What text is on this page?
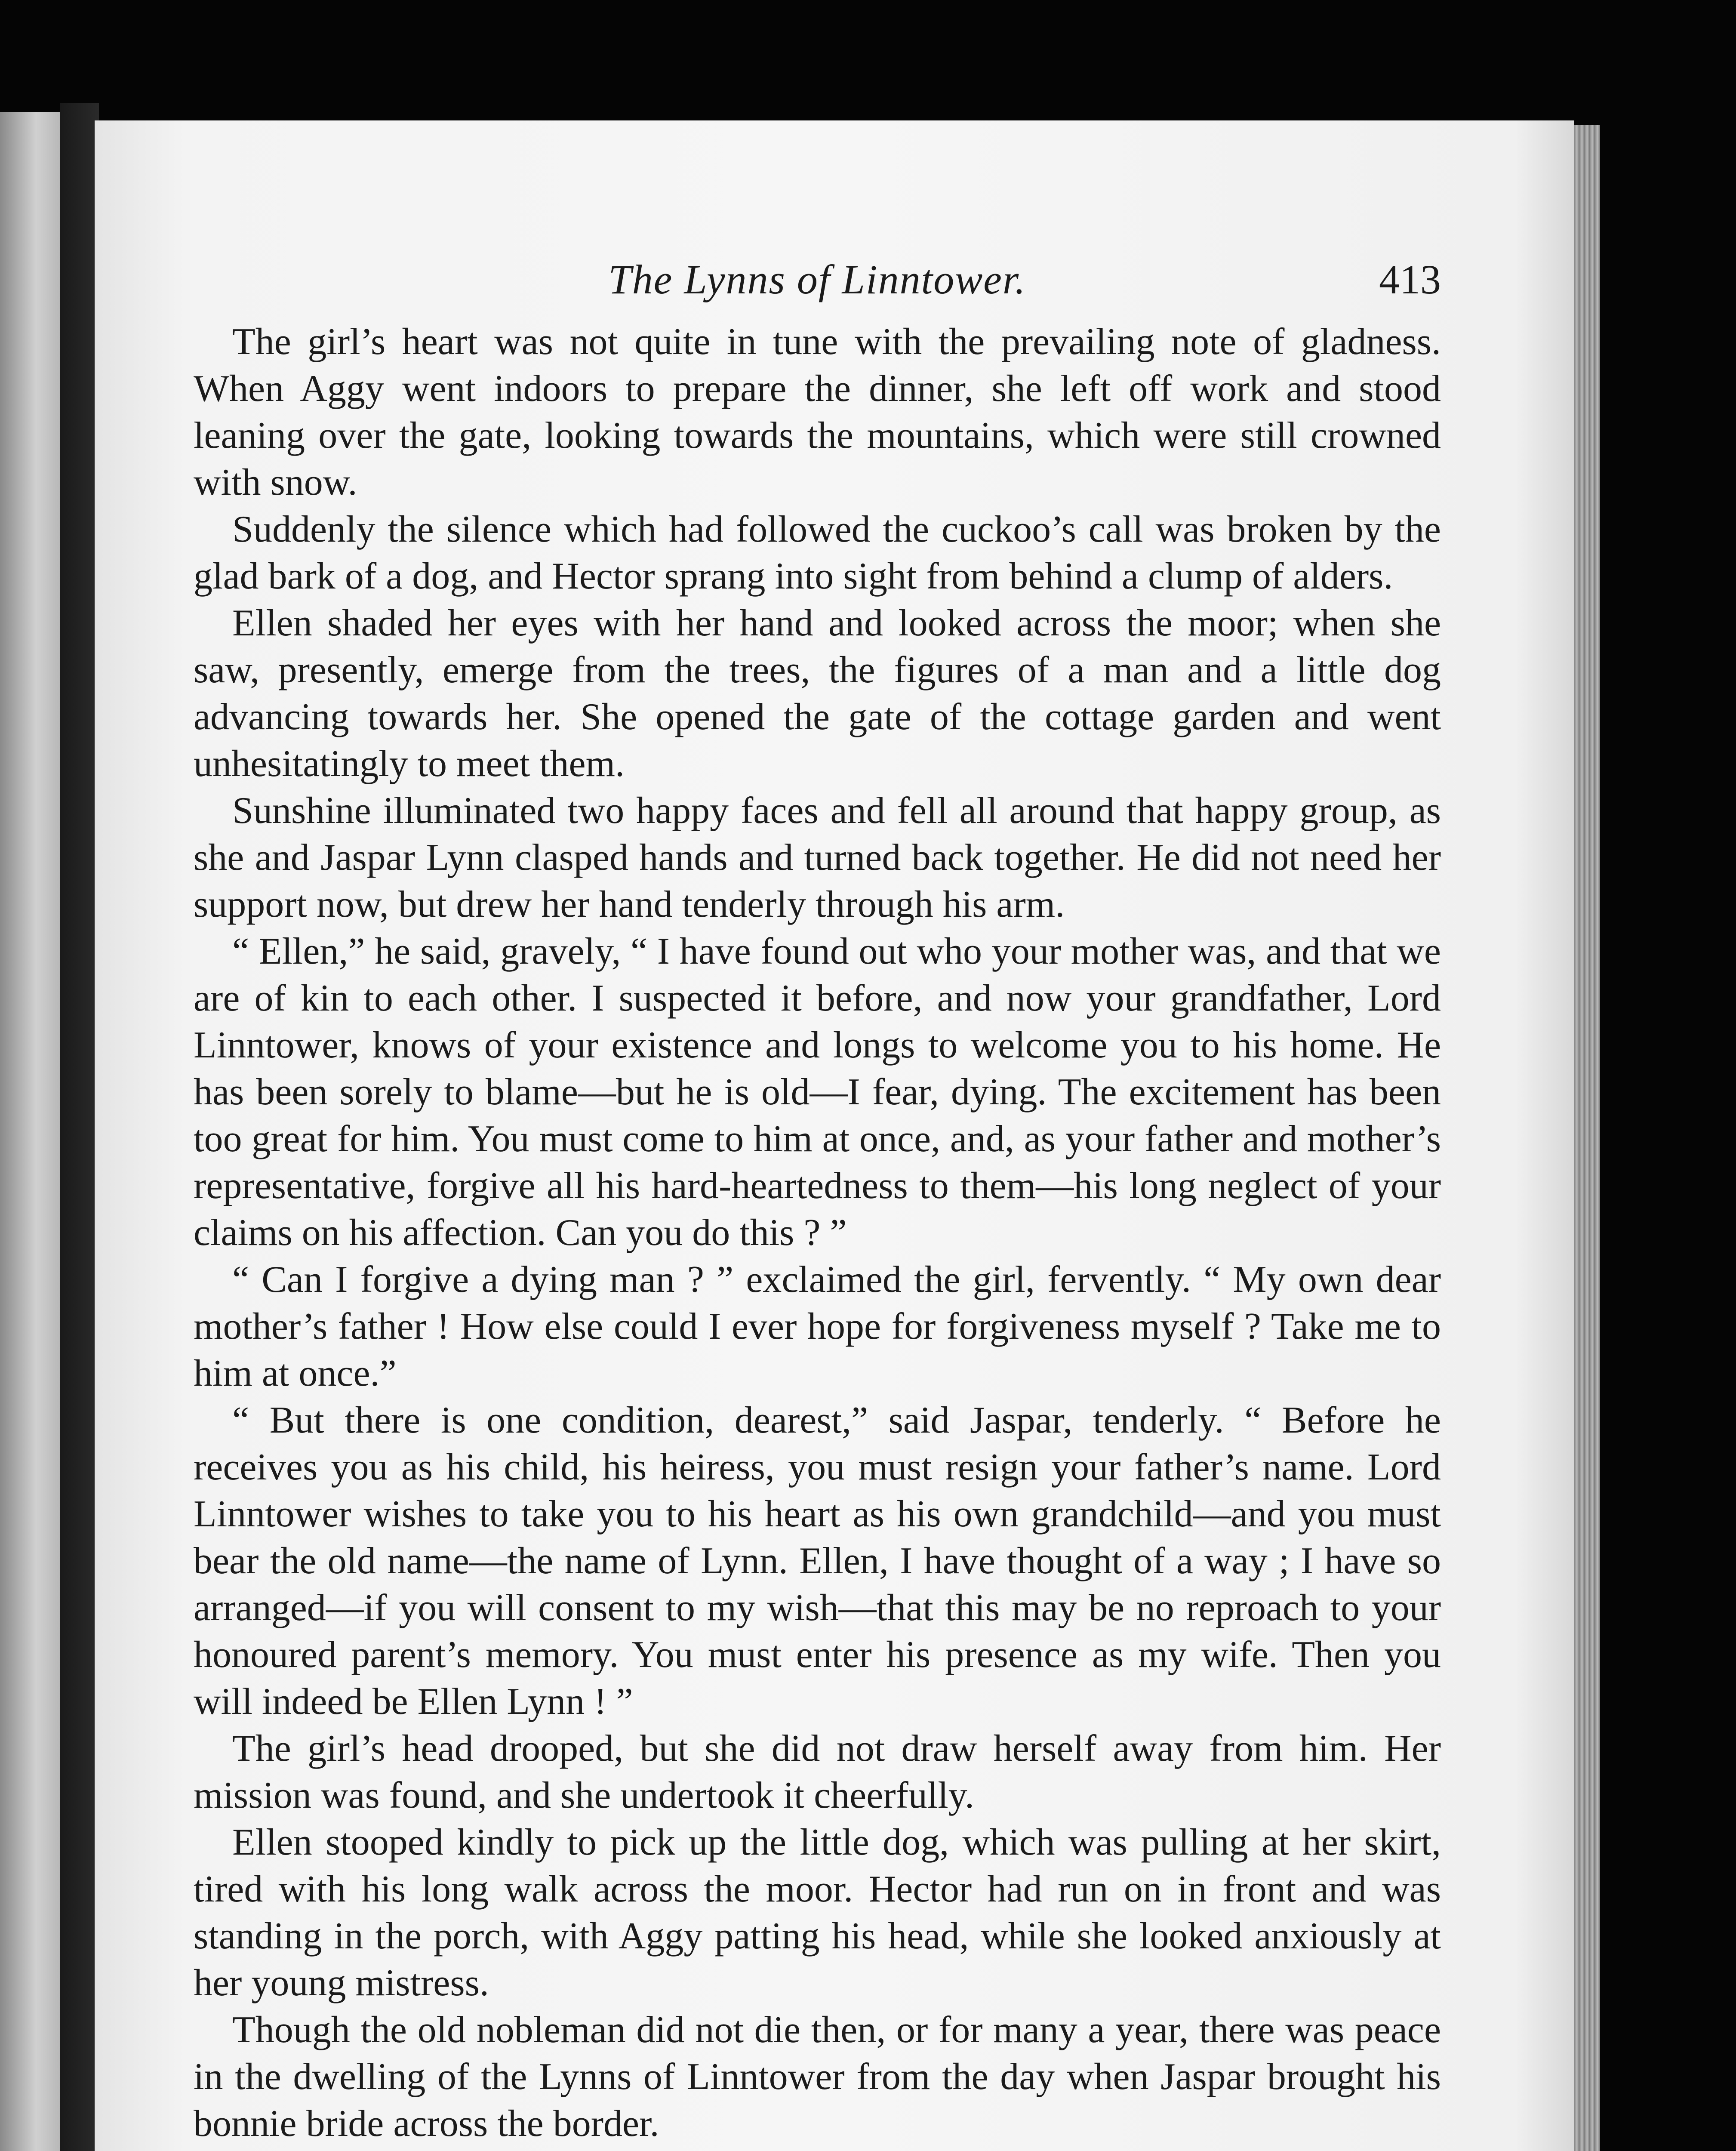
The Lynns of Linntower.	413

The girl’s heart was not quite in tune with the prevailing note of gladness. When Aggy went indoors to prepare the dinner, she left off work and stood leaning over the gate, looking towards the mountains, which were still crowned with snow.

Suddenly the silence which had followed the cuckoo’s call was broken by the glad bark of a dog, and Hector sprang into sight from behind a clump of alders.

Ellen shaded her eyes with her hand and looked across the moor; when she saw, presently, emerge from the trees, the figures of a man and a little dog advancing towards her. She opened the gate of the cottage garden and went unhesitatingly to meet them.

Sunshine illuminated two happy faces and fell all around that happy group, as she and Jaspar Lynn clasped hands and turned back together. He did not need her support now, but drew her hand tenderly through his arm.

“ Ellen,” he said, gravely, “ I have found out who your mother was, and that we are of kin to each other. I suspected it before, and now your grandfather, Lord Linntower, knows of your existence and longs to welcome you to his home. He has been sorely to blame—but he is old—I fear, dying. The excitement has been too great for him. You must come to him at once, and, as your father and mother’s representative, forgive all his hard-heartedness to them—his long neglect of your claims on his affection. Can you do this ? ”

“ Can I forgive a dying man ? ” exclaimed the girl, fervently. “ My own dear mother’s father ! How else could I ever hope for forgiveness myself ? Take me to him at once.”

“ But there is one condition, dearest,” said Jaspar, tenderly. “ Before he receives you as his child, his heiress, you must resign your father’s name. Lord Linntower wishes to take you to his heart as his own grandchild—and you must bear the old name—the name of Lynn. Ellen, I have thought of a way ; I have so arranged—if you will consent to my wish—that this may be no reproach to your honoured parent’s memory. You must enter his presence as my wife. Then you will indeed be Ellen Lynn ! ”

The girl’s head drooped, but she did not draw herself away from him. Her mission was found, and she undertook it cheerfully.

Ellen stooped kindly to pick up the little dog, which was pulling at her skirt, tired with his long walk across the moor. Hector had run on in front and was standing in the porch, with Aggy patting his head, while she looked anxiously at her young mistress.

Though the old nobleman did not die then, or for many a year, there was peace in the dwelling of the Lynns of Linntower from the day when Jaspar brought his bonnie bride across the border.
